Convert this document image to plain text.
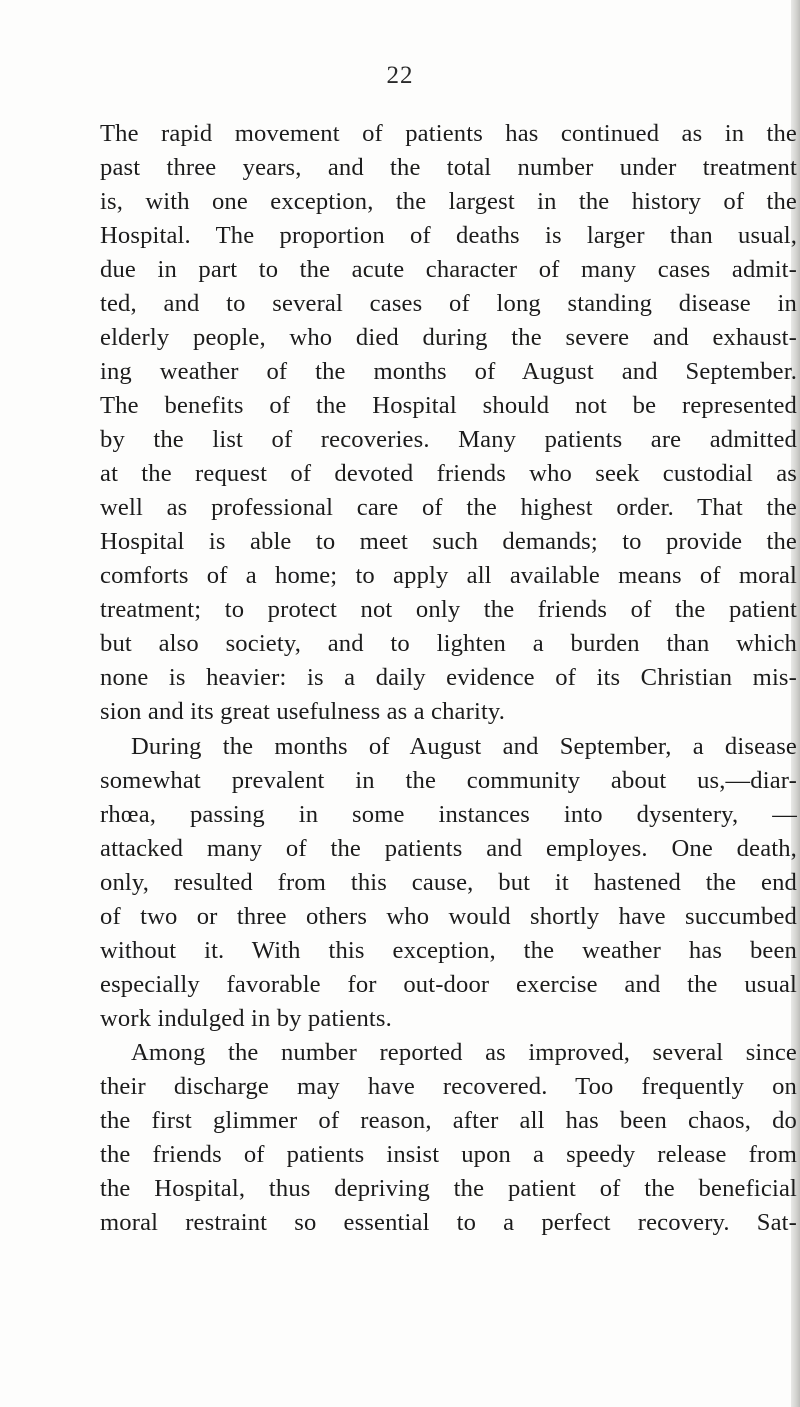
22
The rapid movement of patients has continued as in the
past three years, and the total number under treatment
is, with one exception, the largest in the history of the
Hospital. The proportion of deaths is larger than usual,
due in part to the acute character of many cases admit-
ted, and to several cases of long standing disease in
elderly people, who died during the severe and exhaust-
ing weather of the months of August and September.
The benefits of the Hospital should not be represented
by the list of recoveries. Many patients are admitted
at the request of devoted friends who seek custodial as
well as professional care of the highest order. That the
Hospital is able to meet such demands; to provide the
comforts of a home; to apply all available means of moral
treatment; to protect not only the friends of the patient
but also society, and to lighten a burden than which
none is heavier: is a daily evidence of its Christian mis-
sion and its great usefulness as a charity.
During the months of August and September, a disease
somewhat prevalent in the community about us,—diar-
rhœa, passing in some instances into dysentery, —
attacked many of the patients and employes. One death,
only, resulted from this cause, but it hastened the end
of two or three others who would shortly have succumbed
without it. With this exception, the weather has been
especially favorable for out-door exercise and the usual
work indulged in by patients.
Among the number reported as improved, several since
their discharge may have recovered. Too frequently on
the first glimmer of reason, after all has been chaos, do
the friends of patients insist upon a speedy release from
the Hospital, thus depriving the patient of the beneficial
moral restraint so essential to a perfect recovery. Sat-
